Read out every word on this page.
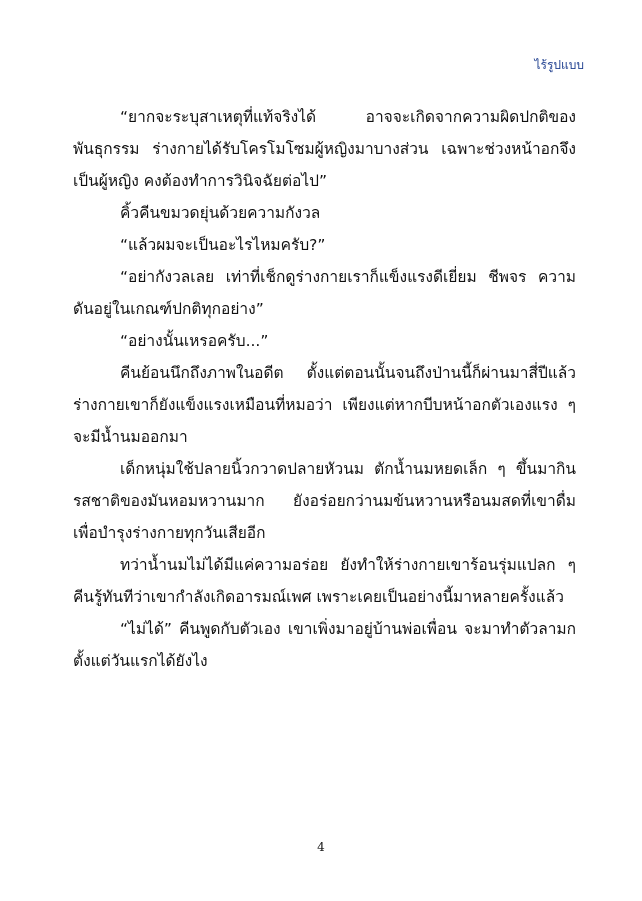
ไร้รูปแบบ

“ยากจะระบุสาเหตุที่แท้จริงได้ อาจจะเกิดจากความผิดปกติของพันธุกรรม ร่างกายได้รับโครโมโซมผู้หญิงมาบางส่วน เฉพาะช่วงหน้าอกจึงเป็นผู้หญิง คงต้องทำการวินิจฉัยต่อไป”

คิ้วคีนขมวดยุ่นด้วยความกังวล

“แล้วผมจะเป็นอะไรไหมครับ?”

“อย่ากังวลเลย เท่าที่เช็กดูร่างกายเราก็แข็งแรงดีเยี่ยม ชีพจร ความดันอยู่ในเกณฑ์ปกติทุกอย่าง”

“อย่างนั้นเหรอครับ...”

คีนย้อนนึกถึงภาพในอดีต ตั้งแต่ตอนนั้นจนถึงป่านนี้ก็ผ่านมาสี่ปีแล้ว ร่างกายเขาก็ยังแข็งแรงเหมือนที่หมอว่า เพียงแต่หากบีบหน้าอกตัวเองแรง ๆ จะมีน้ำนมออกมา

เด็กหนุ่มใช้ปลายนิ้วกวาดปลายหัวนม ตักน้ำนมหยดเล็ก ๆ ขึ้นมากินรสชาติของมันหอมหวานมาก ยังอร่อยกว่านมข้นหวานหรือนมสดที่เขาดื่มเพื่อบำรุงร่างกายทุกวันเสียอีก

ทว่าน้ำนมไม่ได้มีแค่ความอร่อย ยังทำให้ร่างกายเขาร้อนรุ่มแปลก ๆ คีนรู้ทันทีว่าเขากำลังเกิดอารมณ์เพศ เพราะเคยเป็นอย่างนี้มาหลายครั้งแล้ว

“ไม่ได้” คีนพูดกับตัวเอง เขาเพิ่งมาอยู่บ้านพ่อเพื่อน จะมาทำตัวลามกตั้งแต่วันแรกได้ยังไง

4
